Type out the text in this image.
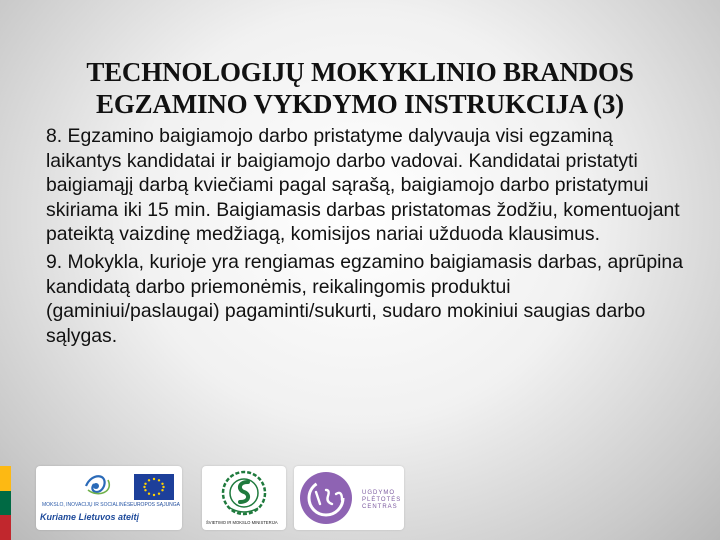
TECHNOLOGIJŲ MOKYKLINIO BRANDOS EGZAMINO VYKDYMO INSTRUKCIJA (3)

8. Egzamino baigiamojo darbo pristatyme dalyvauja visi egzaminą laikantys kandidatai ir baigiamojo darbo vadovai. Kandidatai pristatyti baigiamąjį darbą kviečiami pagal sąrašą, baigiamojo darbo pristatymui skiriama iki 15 min. Baigiamasis darbas pristatomas žodžiu, komentuojant pateiktą vaizdinę medžiagą, komisijos nariai užduoda klausimus.

9. Mokykla, kurioje yra rengiamas egzamino baigiamasis darbas, aprūpina kandidatą darbo priemonėmis, reikalingomis produktui (gaminiui/paslaugai) pagaminti/sukurti, sudaro mokiniui saugias darbo sąlygas.

MOKSLO, INOVACIJŲ IR SOCIALINĖS
Kuriame Lietuvos ateitį
EUROPOS SĄJUNGA
ŠVIETIMO IR MOKSLO MINISTERIJA
UGDYMO PLĖTOTĖS CENTRAS
